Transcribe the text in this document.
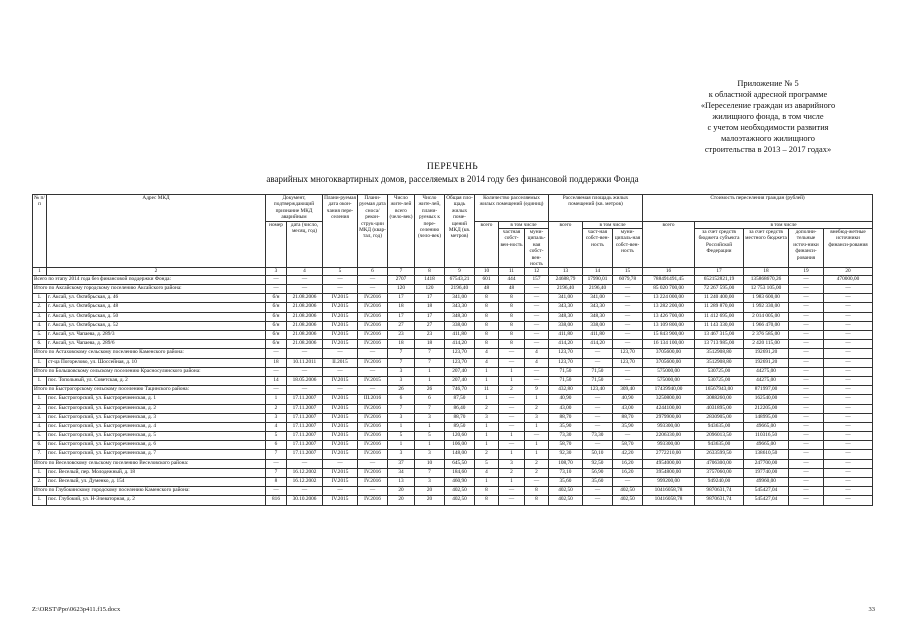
Приложение № 5
к областной адресной программе
«Переселение граждан из аварийного
жилищного фонда, в том числе
с учетом необходимости развития
малоэтажного жилищного
строительства в 2013 – 2017 годах»
ПЕРЕЧЕНЬ
аварийных многоквартирных домов, расселяемых в 2014 году без финансовой поддержки Фонда
№ п/п	Адрес МКД	Документ, подтверждающий признание МКД аварийным		Плани-руемая дата окон-чания пере-селения	Плани-руемая дата сноса/ рекон-струк-ции МКД (квар-тал, год)	Число жите-лей всего (чело-век)	Число жите-лей, плани-руемых к пере-селению (чело-век)	Общая пло-щадь жилых поме-щений МКД (кв. метров)	Количество расселяемых жилых помещений (единиц)			Расселяемая площадь жилых помещений (кв. метров)			Стоимость переселения граждан (рублей)				
		номер	дата (число, месяц, год)						всего	в том числе		всего	в том числе		всего	в том числе			
										частная собст-вен-ность	муни-ципаль-ная собст-вен-ность		част-ная собст-вен-ность	муни-ципаль-ная собст-вен-ность		за счет средств бюджета субъекта Российской Федерации	за счет средств местного бюджета	дополни-тельные источ-ники финанси-рования	внебюд-жетные источники финанси-рования
1	2	3	4	5	6	7	8	9	10	11	12	13	14	15	16	17	18	19	20
Всего по этапу 2014 года без финансовой поддержки Фонда:		—	—	—	—	2707	1418	67543,21	601	444	157	24688,79	17990,01	6079,78	788491491,45	652152821,19	135868670,26	—	470000,00
Итого по Аксайскому городскому поселению Аксайского района:		—	—	—	—	120	120	2196,40	48	48	—	2196,40	2196,40	—	85 020 700,00	72 267 595,00	12 753 105,00	—	—
1.	г. Аксай, ул. Октябрьская, д. 46	б/н	21.08.2006	IV.2015	IV.2016	17	17	341,00	8	8	—	341,00	341,00	—	13 224 000,00	11 240 400,00	1 983 600,00	—	—
2.	г. Аксай, ул. Октябрьская, д. 48	б/н	21.08.2006	IV.2015	IV.2016	18	18	343,30	8	8	—	343,30	343,30	—	13 282 200,00	11 289 870,00	1 992 330,00	—	—
3.	г. Аксай, ул. Октябрьская, д. 50	б/н	21.08.2006	IV.2015	IV.2016	17	17	348,30	8	8	—	348,30	348,30	—	13 426 700,00	11 412 695,00	2 014 005,00	—	—
4.	г. Аксай, ул. Октябрьская, д. 52	б/н	21.08.2006	IV.2015	IV.2016	27	27	338,00	8	8	—	338,00	338,00	—	13 109 800,00	11 143 330,00	1 966 470,00	—	—
5.	г. Аксай, ул. Чапаева, д. 289/3	б/н	21.08.2006	IV.2015	IV.2016	23	23	411,80	8	8	—	411,80	411,80	—	15 843 900,00	13 467 315,00	2 376 585,00	—	—
6.	г. Аксай, ул. Чапаева, д. 289/6	б/н	21.08.2006	IV.2015	IV.2016	18	18	414,20	8	8	—	414,20	414,20	—	16 134 100,00	13 713 985,00	2 420 115,00	—	—
Итого по Астаховскому сельскому поселению Каменского района:		—	—	—	—	7	7	123,70	4	—	4	123,70	—	123,70	3705600,00	3512908,80	192691,20	—	—
1.	ст-ца Погорелово, ул. Шоссейная, д. 10	18	10.11.2011	II.2015	IV.2016	7	7	123,70	4	—	4	123,70	—	123,70	3705600,00	3512908,80	192691,20	—	—
Итого по Большовскому сельскому поселению Красносулинского района:		—	—	—	—	3	1	207,40	1	1	—	71,50	71,50	—	575000,00	530725,00	44275,00	—	—
1.	пос. Топольный, ул. Советская, д. 2	14	18.05.2006	IV.2015	IV.2015	3	1	207,40	1	1	—	71,50	71,50	—	575000,00	530725,00	44275,00	—	—
Итого по Быстрогорскому сельскому поселению Тацинского района:		—	—	—	—	26	26	746,70	11	2	9	432,80	123,40	309,40	17439940,00	16567943,00	871997,00	—	—
1.	пос. Быстрогорский, ул. Быстроречненская, д. 1	1	17.11.2007	IV.2015	III.2016	6	6	87,50	1	—	1	40,90	—	40,90	3250800,00	3088260,00	162540,00	—	—
2.	пос. Быстрогорский, ул. Быстроречненская, д. 2	2	17.11.2007	IV.2015	IV.2016	7	7	86,40	2	—	2	43,00	—	43,00	4244100,00	4031895,00	212205,00	—	—
3.	пос. Быстрогорский, ул. Быстроречненская, д. 3	3	17.11.2007	IV.2015	IV.2016	3	3	88,70	3	—	3	88,70	—	88,70	2979900,00	2830905,00	148995,00	—	—
4.	пос. Быстрогорский, ул. Быстроречненская, д. 4	4	17.11.2007	IV.2015	IV.2016	1	1	89,50	1	—	1	35,90	—	35,90	993300,00	943635,00	49665,00	—	—
5.	пос. Быстрогорский, ул. Быстроречненская, д. 5	5	17.11.2007	IV.2015	IV.2016	5	5	120,60	1	1	—	73,30	73,30	—	2206330,00	2096013,50	110316,50	—	—
6.	пос. Быстрогорский, ул. Быстроречненская, д. 6	6	17.11.2007	IV.2015	IV.2016	1	1	106,00	1	—	1	58,70	—	58,70	993300,00	943635,00	49665,00	—	—
7.	пос. Быстрогорский, ул. Быстроречненская, д. 7	7	17.11.2007	IV.2015	IV.2016	3	3	148,00	2	1	1	92,30	50,10	42,20	2772210,00	2633599,50	138610,50	—	—
Итого по Веселовскому сельскому поселению Веселовского района:		—	—	—	—	37	10	645,50	5	3	2	108,70	92,50	16,20	4954000,00	4706300,00	247700,00	—	—
1.	пос. Веселый, пер. Молодежный, д. 18	7	16.12.2002	IV.2015	IV.2016	34	7	184,60	4	2	2	73,10	56,90	16,20	3954800,00	3757060,00	197740,00	—	—
2.	пос. Веселый, ул. Думенко, д. 154	8	16.12.2002	IV.2015	IV.2016	13	3	460,90	1	1	—	35,60	35,60	—	999200,00	949240,00	49960,00	—	—
Итого по Глубокинскому городскому поселению Каменского района:		—	—	—	—	20	20	402,50	8	—	8	402,50	—	402,50	10416058,78	9870631,74	545427,04	—	—
1.	пос. Глубокий, ул. Н-Элеваторная, д. 2	816	30.10.2006	IV.2015	IV.2016	20	20	402,50	8	—	8	402,50	—	402,50	10416058,78	9870631,74	545427,04	—	—
Z:\ORST\Ppo\0623p411.f15.docx	33
